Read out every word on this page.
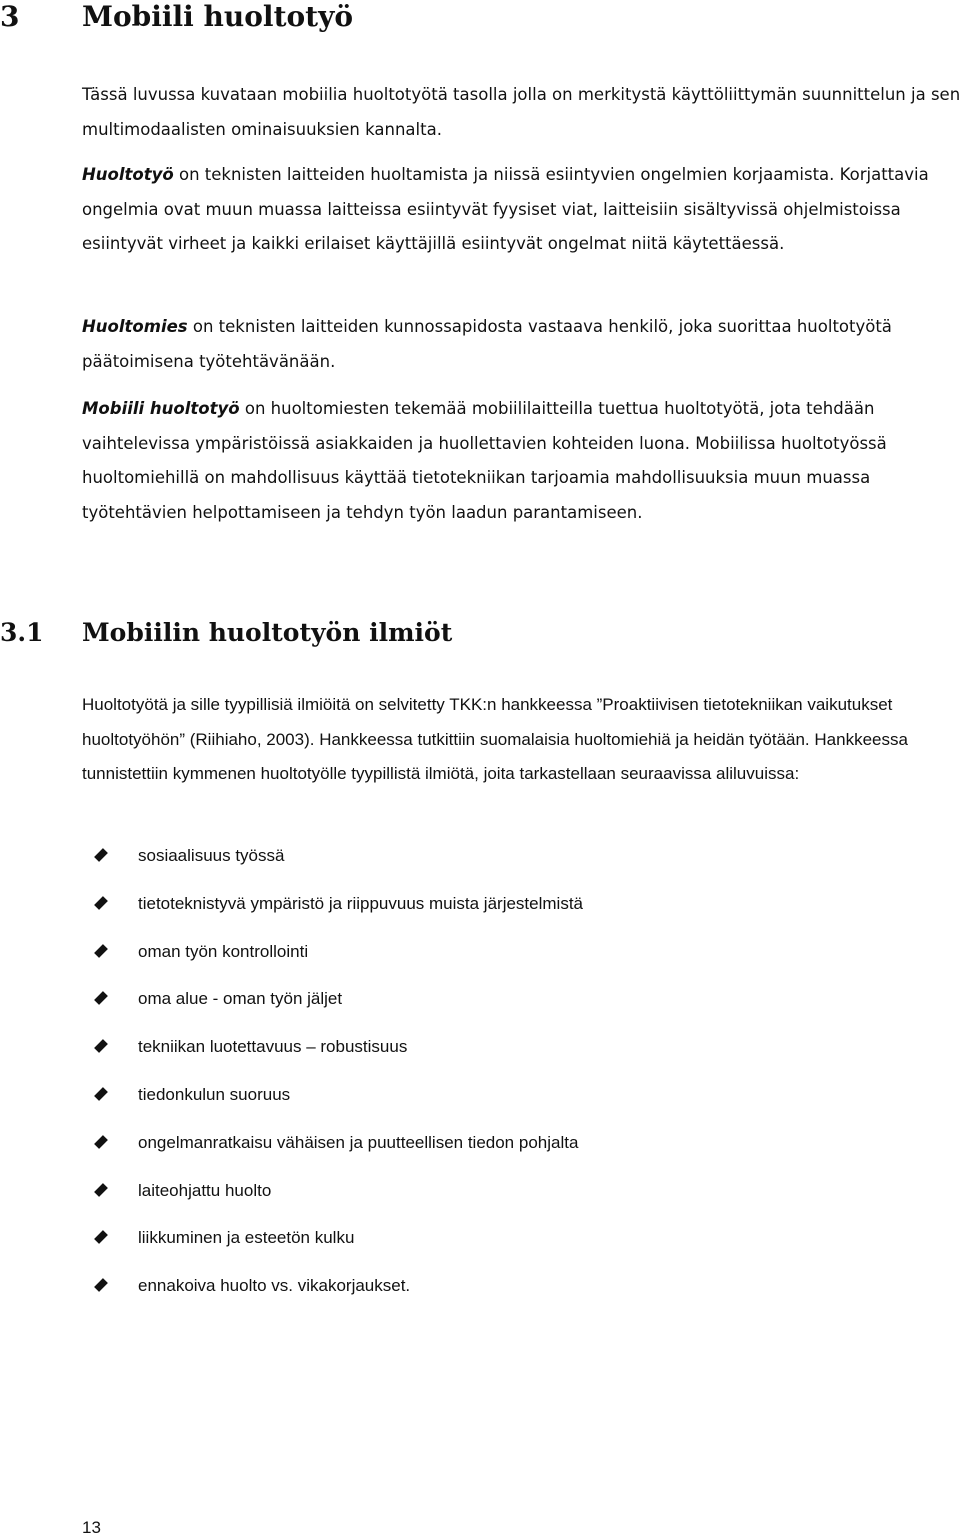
3 Mobiili huoltotyö

Tässä luvussa kuvataan mobiilia huoltotyötä tasolla jolla on merkitystä käyttöliittymän suunnittelun ja sen multimodaalisten ominaisuuksien kannalta.

Huoltotyö on teknisten laitteiden huoltamista ja niissä esiintyvien ongelmien korjaamista. Korjattavia ongelmia ovat muun muassa laitteissa esiintyvät fyysiset viat, laitteisiin sisältyvissä ohjelmistoissa esiintyvät virheet ja kaikki erilaiset käyttäjillä esiintyvät ongelmat niitä käytettäessä.

Huoltomies on teknisten laitteiden kunnossapidosta vastaava henkilö, joka suorittaa huoltotyötä päätoimisena työtehtävänään.

Mobiili huoltotyö on huoltomiesten tekemää mobiililaitteilla tuettua huoltotyötä, jota tehdään vaihtelevissa ympäristöissä asiakkaiden ja huollettavien kohteiden luona. Mobiilissa huoltotyössä huoltomiehillä on mahdollisuus käyttää tietotekniikan tarjoamia mahdollisuuksia muun muassa työtehtävien helpottamiseen ja tehdyn työn laadun parantamiseen.

3.1 Mobiilin huoltotyön ilmiöt

Huoltotyötä ja sille tyypillisiä ilmiöitä on selvitetty TKK:n hankkeessa ”Proaktiivisen tietotekniikan vaikutukset huoltotyöhön” (Riihiaho, 2003). Hankkeessa tutkittiin suomalaisia huoltomiehiä ja heidän työtään. Hankkeessa tunnistettiin kymmenen huoltotyölle tyypillistä ilmiötä, joita tarkastellaan seuraavissa aliluvuissa:

sosiaalisuus työssä
tietoteknistyvä ympäristö ja riippuvuus muista järjestelmistä
oman työn kontrollointi
oma alue - oman työn jäljet
tekniikan luotettavuus – robustisuus
tiedonkulun suoruus
ongelmanratkaisu vähäisen ja puutteellisen tiedon pohjalta
laiteohjattu huolto
liikkuminen ja esteetön kulku
ennakoiva huolto vs. vikakorjaukset.
13
